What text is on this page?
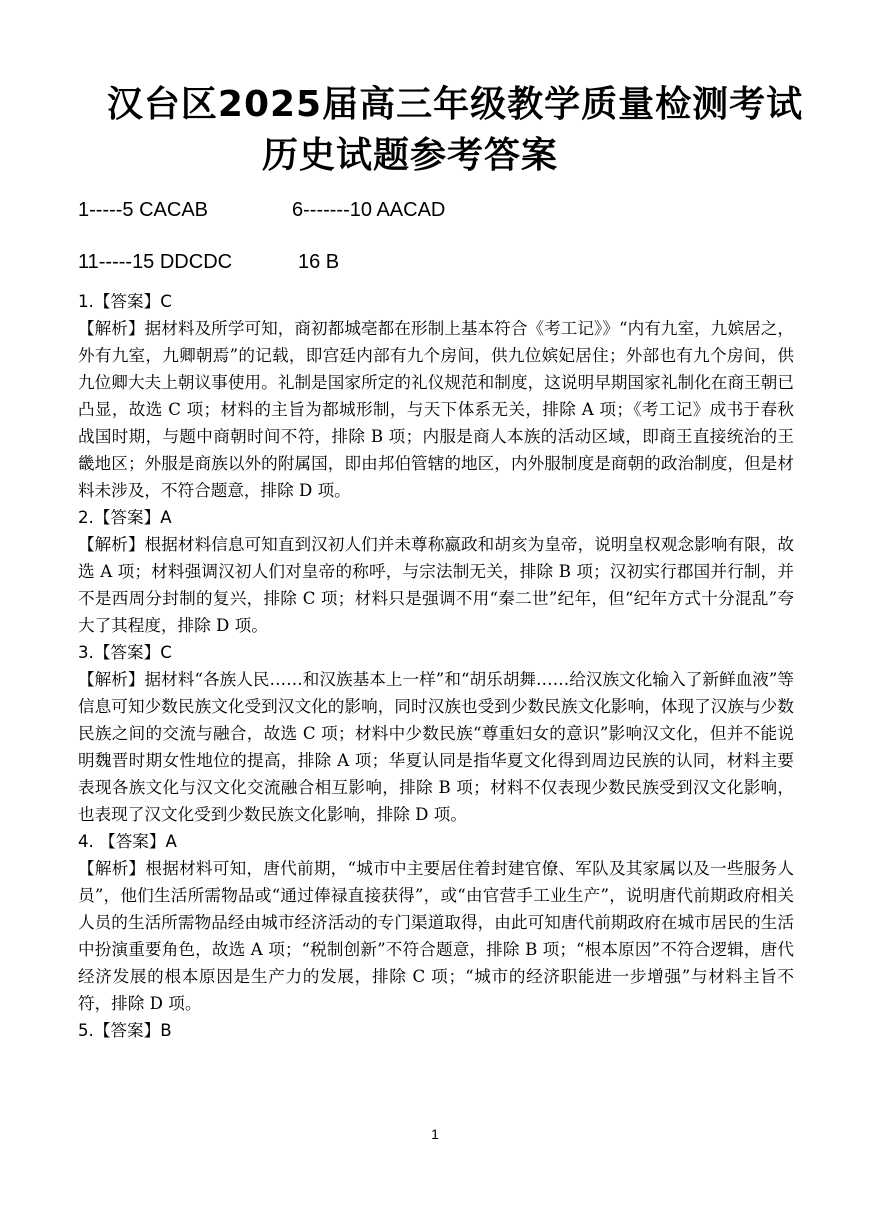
汉台区2025届高三年级教学质量检测考试
历史试题参考答案
1-----5 CACAB	6-------10 AACAD
11-----15 DDCDC	16 B

1.【答案】C

【解析】据材料及所学可知，商初都城亳都在形制上基本符合《考工记》》“内有九室，九嫔居之，外有九室，九卿朝焉”的记载，即宫廷内部有九个房间，供九位嫔妃居住；外部也有九个房间，供九位卿大夫上朝议事使用。礼制是国家所定的礼仪规范和制度，这说明早期国家礼制化在商王朝已凸显，故选 C 项；材料的主旨为都城形制，与天下体系无关，排除 A 项；《考工记》成书于春秋战国时期，与题中商朝时间不符，排除 B 项；内服是商人本族的活动区域，即商王直接统治的王畿地区；外服是商族以外的附属国，即由邦伯管辖的地区，内外服制度是商朝的政治制度，但是材料未涉及，不符合题意，排除 D 项。

2.【答案】A

【解析】根据材料信息可知直到汉初人们并未尊称嬴政和胡亥为皇帝，说明皇权观念影响有限，故选 A 项；材料强调汉初人们对皇帝的称呼，与宗法制无关，排除 B 项；汉初实行郡国并行制，并不是西周分封制的复兴，排除 C 项；材料只是强调不用“秦二世”纪年，但“纪年方式十分混乱”夸大了其程度，排除 D 项。

3.【答案】C

【解析】据材料“各族人民……和汉族基本上一样”和“胡乐胡舞……给汉族文化输入了新鲜血液”等信息可知少数民族文化受到汉文化的影响，同时汉族也受到少数民族文化影响，体现了汉族与少数民族之间的交流与融合，故选 C 项；材料中少数民族“尊重妇女的意识”影响汉文化，但并不能说明魏晋时期女性地位的提高，排除 A 项；华夏认同是指华夏文化得到周边民族的认同，材料主要表现各族文化与汉文化交流融合相互影响，排除 B 项；材料不仅表现少数民族受到汉文化影响，也表现了汉文化受到少数民族文化影响，排除 D 项。

4. 【答案】A

【解析】根据材料可知，唐代前期，“城市中主要居住着封建官僚、军队及其家属以及一些服务人员”，他们生活所需物品或“通过俸禄直接获得”，或“由官营手工业生产”，说明唐代前期政府相关人员的生活所需物品经由城市经济活动的专门渠道取得，由此可知唐代前期政府在城市居民的生活中扮演重要角色，故选 A 项；“税制创新”不符合题意，排除 B 项；“根本原因”不符合逻辑，唐代经济发展的根本原因是生产力的发展，排除 C 项；“城市的经济职能进一步增强”与材料主旨不符，排除 D 项。

5.【答案】B

1
